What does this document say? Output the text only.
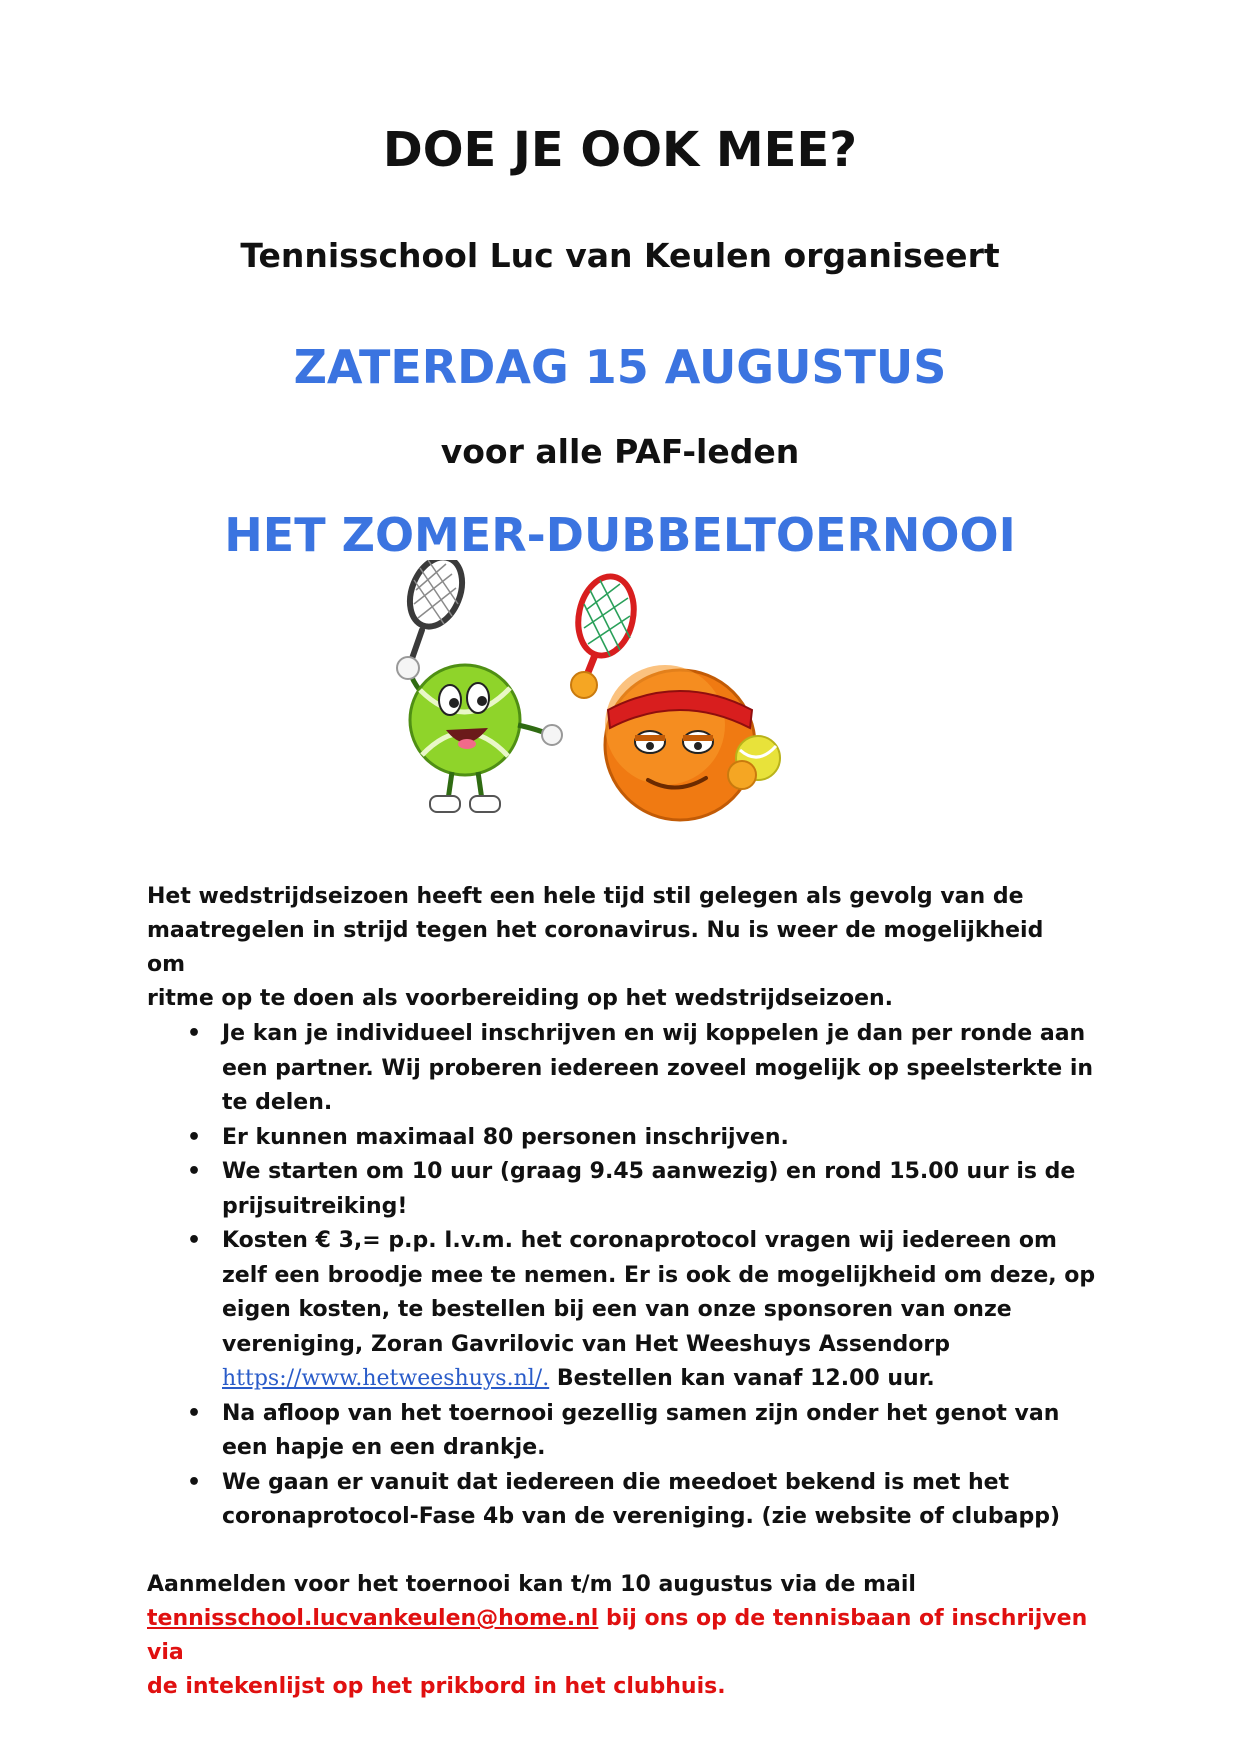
DOE JE OOK MEE?
Tennisschool Luc van Keulen organiseert
ZATERDAG 15 AUGUSTUS
voor alle PAF-leden
HET ZOMER-DUBBELTOERNOOI
Het wedstrijdseizoen heeft een hele tijd stil gelegen als gevolg van de
maatregelen in strijd tegen het coronavirus. Nu is weer de mogelijkheid om
ritme op te doen als voorbereiding op het wedstrijdseizoen.
• Je kan je individueel inschrijven en wij koppelen je dan per ronde aan
een partner. Wij proberen iedereen zoveel mogelijk op speelsterkte in
te delen.
• Er kunnen maximaal 80 personen inschrijven.
• We starten om 10 uur (graag 9.45 aanwezig) en rond 15.00 uur is de
prijsuitreiking!
• Kosten € 3,= p.p. I.v.m. het coronaprotocol vragen wij iedereen om
zelf een broodje mee te nemen. Er is ook de mogelijkheid om deze, op
eigen kosten, te bestellen bij een van onze sponsoren van onze
vereniging, Zoran Gavrilovic van Het Weeshuys Assendorp
https://www.hetweeshuys.nl/. Bestellen kan vanaf 12.00 uur.
• Na afloop van het toernooi gezellig samen zijn onder het genot van
een hapje en een drankje.
• We gaan er vanuit dat iedereen die meedoet bekend is met het
coronaprotocol-Fase 4b van de vereniging. (zie website of clubapp)
Aanmelden voor het toernooi kan t/m 10 augustus via de mail
tennisschool.lucvankeulen@home.nl bij ons op de tennisbaan of inschrijven via
de intekenlijst op het prikbord in het clubhuis.
